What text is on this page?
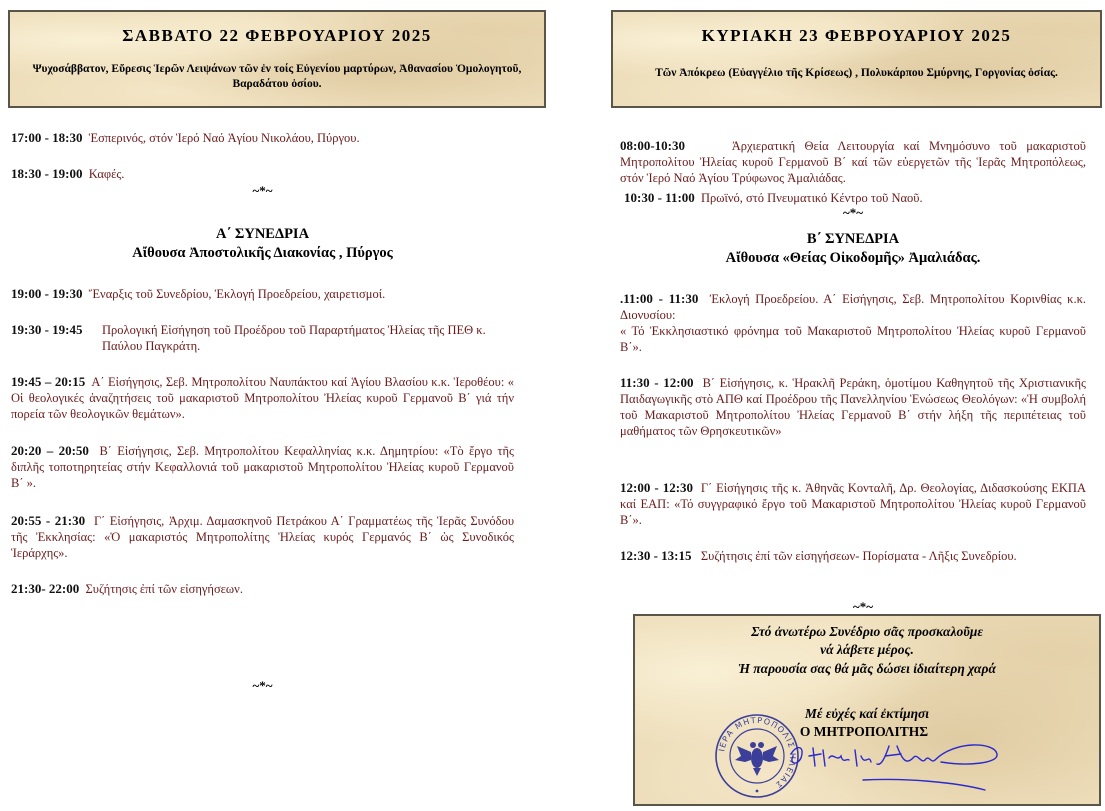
ΣΑΒΒΑΤΟ 22 ΦΕΒΡΟΥΑΡΙΟΥ 2025
Ψυχοσάββατον, Εὕρεσις Ἱερῶν Λειψάνων τῶν ἐν τοίς Εὐγενίου μαρτύρων, Ἀθανασίου Ὁμολογητοῦ, Βαραδάτου ὁσίου.
ΚΥΡΙΑΚΗ 23 ΦΕΒΡΟΥΑΡΙΟΥ 2025
Τῶν Ἀπόκρεω (Εὐαγγέλιο τῆς Κρίσεως) , Πολυκάρπου Σμύρνης, Γοργονίας ὁσίας.
17:00 - 18:30 Ἑσπερινός, στόν Ἱερό Ναό Ἁγίου Νικολάου, Πύργου.
18:30 - 19:00 Καφές.
~*~
Α΄ ΣΥΝΕΔΡΙΑ
Αἴθουσα Ἀποστολικῆς Διακονίας , Πύργος
19:00 - 19:30 Ἔναρξις τοῦ Συνεδρίου, Ἐκλογή Προεδρείου, χαιρετισμοί.
19:30 - 19:45 Προλογική Εἰσήγηση τοῦ Προέδρου τοῦ Παραρτήματος Ἠλείας τῆς ΠΕΘ κ. Παύλου Παγκράτη.
19:45 – 20:15 Α΄ Εἰσήγησις, Σεβ. Μητροπολίτου Ναυπάκτου καί Ἁγίου Βλασίου κ.κ. Ἱεροθέου: « Οἱ θεολογικές ἀναζητήσεις τοῦ μακαριστοῦ Μητροπολίτου Ἠλείας κυροῦ Γερμανοῦ Β΄ γιά τήν πορεία τῶν θεολογικῶν θεμάτων».
20:20 – 20:50 Β΄ Εἰσήγησις, Σεβ. Μητροπολίτου Κεφαλληνίας κ.κ. Δημητρίου: «Τὸ ἔργο τῆς διπλῆς τοποτηρητείας στήν Κεφαλλονιά τοῦ μακαριστοῦ Μητροπολίτου Ἠλείας κυροῦ Γερμανοῦ Β΄ ».
20:55 - 21:30 Γ΄ Εἰσήγησις, Ἀρχιμ. Δαμασκηνοῦ Πετράκου Α΄ Γραμματέως τῆς Ἱερᾶς Συνόδου τῆς Ἐκκλησίας: «Ὁ μακαριστός Μητροπολίτης Ἠλείας κυρός Γερμανός Β΄ ὡς Συνοδικός Ἱεράρχης».
21:30- 22:00 Συζήτησις ἐπί τῶν εἰσηγήσεων.
~*~
08:00-10:30	Ἀρχιερατική Θεία Λειτουργία καί Μνημόσυνο τοῦ μακαριστοῦ Μητροπολίτου Ἠλείας κυροῦ Γερμανοῦ Β΄ καί τῶν εὐεργετῶν τῆς Ἱερᾶς Μητροπόλεως, στόν Ἱερό Ναό Ἁγίου Τρύφωνος Ἀμαλιάδας.
10:30 - 11:00 Πρωϊνό, στό Πνευματικό Κέντρο τοῦ Ναοῦ.
~*~
Β΄ ΣΥΝΕΔΡΙΑ
Αἴθουσα «Θείας Οἰκοδομῆς» Ἀμαλιάδας.
.11:00 - 11:30 Ἐκλογή Προεδρείου. Α΄ Εἰσήγησις, Σεβ. Μητροπολίτου Κορινθίας κ.κ. Διονυσίου:
« Τό Ἐκκλησιαστικό φρόνημα τοῦ Μακαριστοῦ Μητροπολίτου Ἠλείας κυροῦ Γερμανοῦ Β΄».
11:30 - 12:00 Β΄ Εἰσήγησις, κ. Ἡρακλῆ Ρεράκη, ὁμοτίμου Καθηγητοῦ τῆς Χριστιανικῆς Παιδαγωγικῆς στὸ ΑΠΘ καί Προέδρου τῆς Πανελληνίου Ἑνώσεως Θεολόγων: «Ἡ συμβολή τοῦ Μακαριστοῦ Μητροπολίτου Ἠλείας Γερμανοῦ Β΄ στήν λήξη τῆς περιπέτειας τοῦ μαθήματος τῶν Θρησκευτικῶν»
12:00 - 12:30 Γ΄ Εἰσήγησις τῆς κ. Ἀθηνᾶς Κονταλῆ, Δρ. Θεολογίας, Διδασκούσης ΕΚΠΑ καί ΕΑΠ: «Τό συγγραφικό ἔργο τοῦ Μακαριστοῦ Μητροπολίτου Ἠλείας κυροῦ Γερμανοῦ Β΄».
12:30 - 13:15 Συζήτησις ἐπί τῶν εἰσηγήσεων- Πορίσματα - Λῆξις Συνεδρίου.
~*~
Στό ἀνωτέρω Συνέδριο σᾶς προσκαλοῦμε
νά λάβετε μέρος.
Ἡ παρουσία σας θά μᾶς δώσει ἰδιαίτερη χαρά
Μέ εὐχές καί ἐκτίμησι
Ο ΜΗΤΡΟΠΟΛΙΤΗΣ
ΙΕΡΑ ΜΗΤΡΟΠΟΛΙΣ ΗΛΕΙΑΣ
